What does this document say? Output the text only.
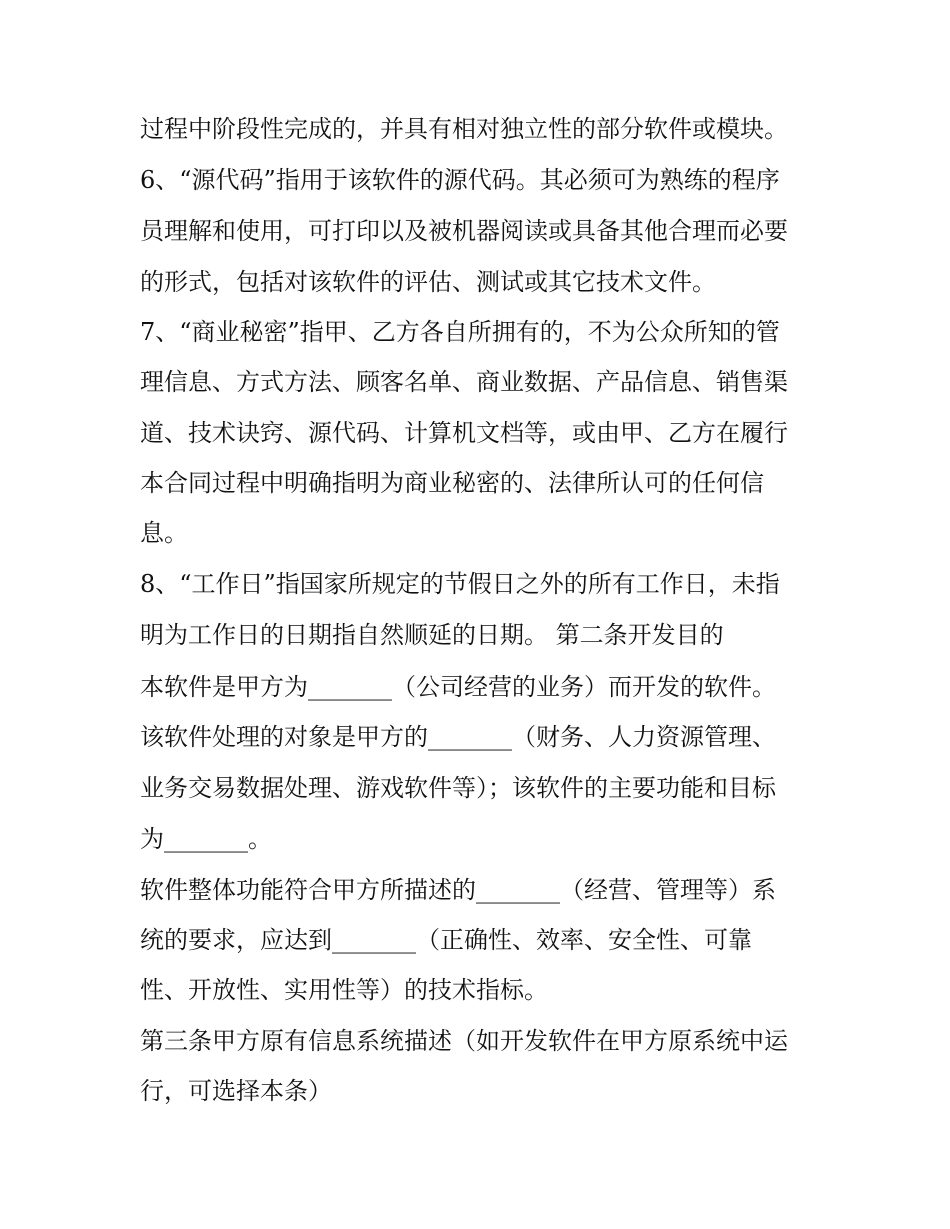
过程中阶段性完成的，并具有相对独立性的部分软件或模块。
6、“源代码”指用于该软件的源代码。其必须可为熟练的程序
员理解和使用，可打印以及被机器阅读或具备其他合理而必要
的形式，包括对该软件的评估、测试或其它技术文件。
7、“商业秘密”指甲、乙方各自所拥有的，不为公众所知的管
理信息、方式方法、顾客名单、商业数据、产品信息、销售渠
道、技术诀窍、源代码、计算机文档等，或由甲、乙方在履行
本合同过程中明确指明为商业秘密的、法律所认可的任何信
息。
8、“工作日”指国家所规定的节假日之外的所有工作日，未指
明为工作日的日期指自然顺延的日期。 第二条开发目的
本软件是甲方为_______（公司经营的业务）而开发的软件。
该软件处理的对象是甲方的_______（财务、人力资源管理、
业务交易数据处理、游戏软件等）；该软件的主要功能和目标
为_______。
软件整体功能符合甲方所描述的_______（经营、管理等）系
统的要求，应达到_______（正确性、效率、安全性、可靠
性、开放性、实用性等）的技术指标。
第三条甲方原有信息系统描述（如开发软件在甲方原系统中运
行，可选择本条）
